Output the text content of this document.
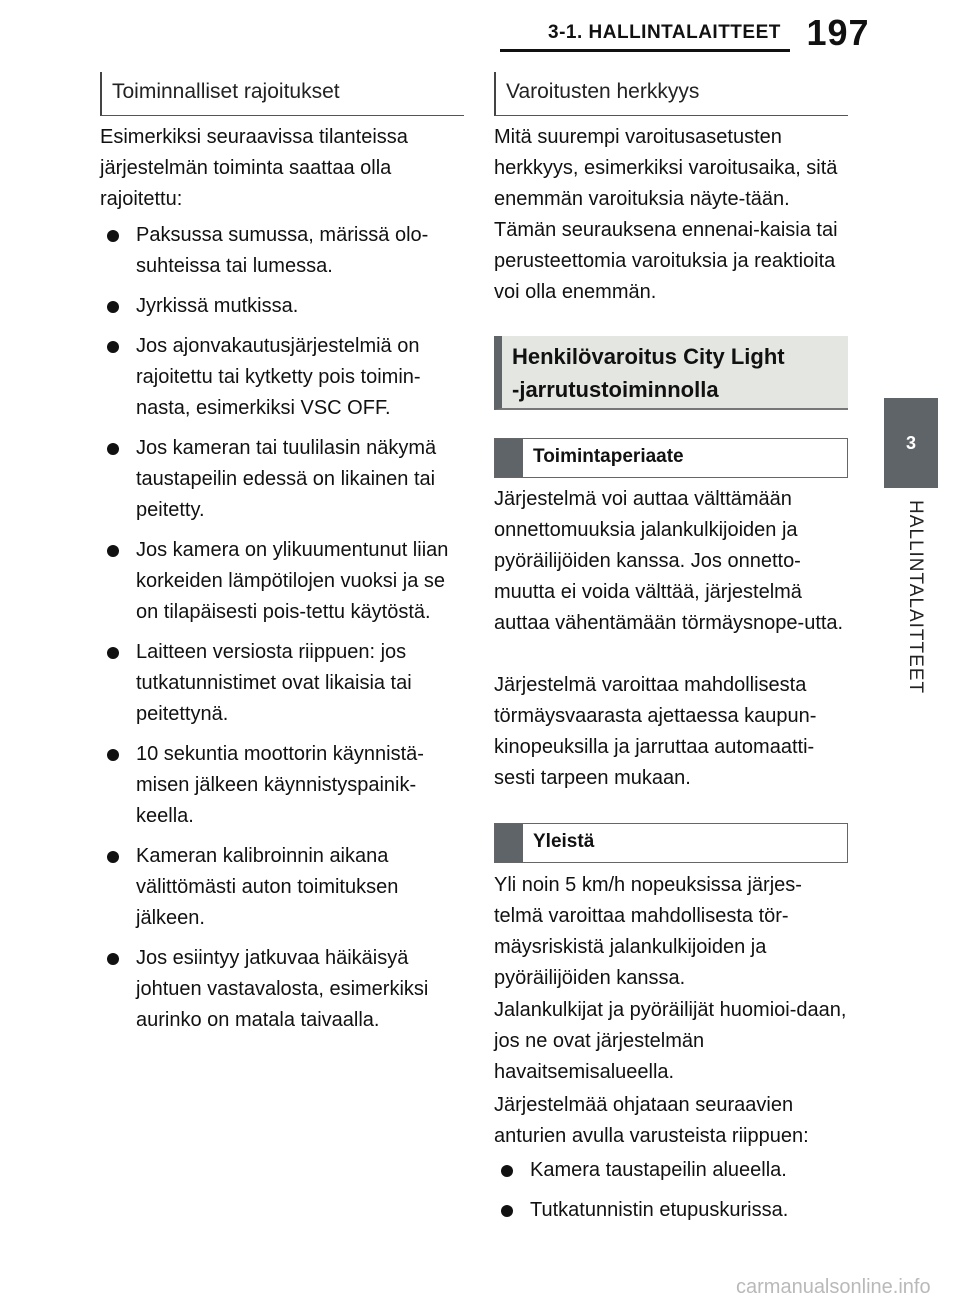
3-1. HALLINTALAITTEET 197
3
HALLINTALAITTEET
Toiminnalliset rajoitukset

Esimerkiksi seuraavissa tilanteissa järjestelmän toiminta saattaa olla rajoitettu:

Paksussa sumussa, märissä olo-suhteissa tai lumessa.
Jyrkissä mutkissa.
Jos ajonvakautusjärjestelmiä on rajoitettu tai kytketty pois toimin-nasta, esimerkiksi VSC OFF.
Jos kameran tai tuulilasin näkymä taustapeilin edessä on likainen tai peitetty.
Jos kamera on ylikuumentunut liian korkeiden lämpötilojen vuoksi ja se on tilapäisesti pois-tettu käytöstä.
Laitteen versiosta riippuen: jos tutkatunnistimet ovat likaisia tai peitettynä.
10 sekuntia moottorin käynnistä-misen jälkeen käynnistyspainik-keella.
Kameran kalibroinnin aikana välittömästi auton toimituksen jälkeen.
Jos esiintyy jatkuvaa häikäisyä johtuen vastavalosta, esimerkiksi aurinko on matala taivaalla.
Varoitusten herkkyys

Mitä suurempi varoitusasetusten herkkyys, esimerkiksi varoitusaika, sitä enemmän varoituksia näyte-tään. Tämän seurauksena ennenai-kaisia tai perusteettomia varoituksia ja reaktioita voi olla enemmän.

Henkilövaroitus City Light
-jarrutustoiminnolla
Toimintaperiaate

Järjestelmä voi auttaa välttämään onnettomuuksia jalankulkijoiden ja pyöräilijöiden kanssa. Jos onnetto-muutta ei voida välttää, järjestelmä auttaa vähentämään törmäysnope-utta.

Järjestelmä varoittaa mahdollisesta törmäysvaarasta ajettaessa kaupun-kinopeuksilla ja jarruttaa automaatti-sesti tarpeen mukaan.

Yleistä

Yli noin 5 km/h nopeuksissa järjes-telmä varoittaa mahdollisesta tör-mäysriskistä jalankulkijoiden ja pyöräilijöiden kanssa.

Jalankulkijat ja pyöräilijät huomioi-daan, jos ne ovat järjestelmän havaitsemisalueella.

Järjestelmää ohjataan seuraavien anturien avulla varusteista riippuen:

Kamera taustapeilin alueella.
Tutkatunnistin etupuskurissa.
carmanualsonline.info
